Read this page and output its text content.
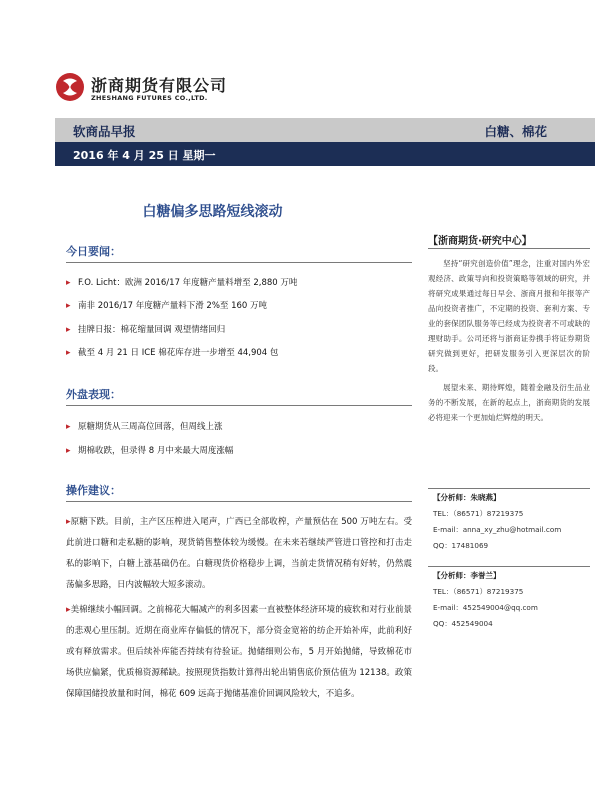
浙商期货有限公司
ZHESHANG FUTURES CO.,LTD.
软商品早报	白糖、棉花
2016 年 4 月 25 日 星期一
白糖偏多思路短线滚动
今日要闻：
▸ F.O. Licht：欧洲 2016/17 年度糖产量料增至 2,880 万吨
▸ 南非 2016/17 年度糖产量料下滑 2%至 160 万吨
▸ 挂牌日报：棉花缩量回调 观望情绪回归
▸ 截至 4 月 21 日 ICE 棉花库存进一步增至 44,904 包
外盘表现：
▸ 原糖期货从三周高位回落，但周线上涨
▸ 期棉收跌，但录得 8 月中来最大周度涨幅
操作建议：
▸原糖下跌。目前，主产区压榨进入尾声，广西已全部收榨，产量预估在 500 万吨左右。受此前进口糖和走私糖的影响，现货销售整体较为缓慢。在未来若继续严管进口管控和打击走私的影响下，白糖上涨基础仍在。白糖现货价格稳步上调，当前走货情况稍有好转，仍然震荡偏多思路，日内波幅较大短多滚动。
▸美棉继续小幅回调。之前棉花大幅减产的利多因素一直被整体经济环境的疲软和对行业前景的悲观心里压制。近期在商业库存偏低的情况下，部分资金宽裕的纺企开始补库，此前利好或有释放需求。但后续补库能否持续有待验证。抛储细则公布，5 月开始抛储，导致棉花市场供应偏紧，优质棉资源稀缺。按照现货指数计算得出轮出销售底价预估值为 12138。政策保障国储投放量和时间，棉花 609 远高于抛储基准价回调风险较大，不追多。
【浙商期货·研究中心】

坚持“研究创造价值”理念，注重对国内外宏观经济、政策导向和投资策略等领域的研究，并将研究成果通过每日早会、浙商月报和年报等产品向投资者推广，不定期的投资、套利方案、专业的套保团队服务等已经成为投资者不可或缺的理财助手。公司还将与浙商证券携手将证券期货研究做到更好，把研发服务引入更深层次的阶段。

展望未来、期待辉煌，随着金融及衍生品业务的不断发展，在新的起点上，浙商期货的发展必将迎来一个更加灿烂辉煌的明天。

【分析师：朱晓燕】
TEL：（86571）87219375
E-mail：anna_xy_zhu@hotmail.com
QQ：17481069
【分析师：李誉兰】
TEL：（86571）87219375
E-mail：452549004@qq.com
QQ：452549004
